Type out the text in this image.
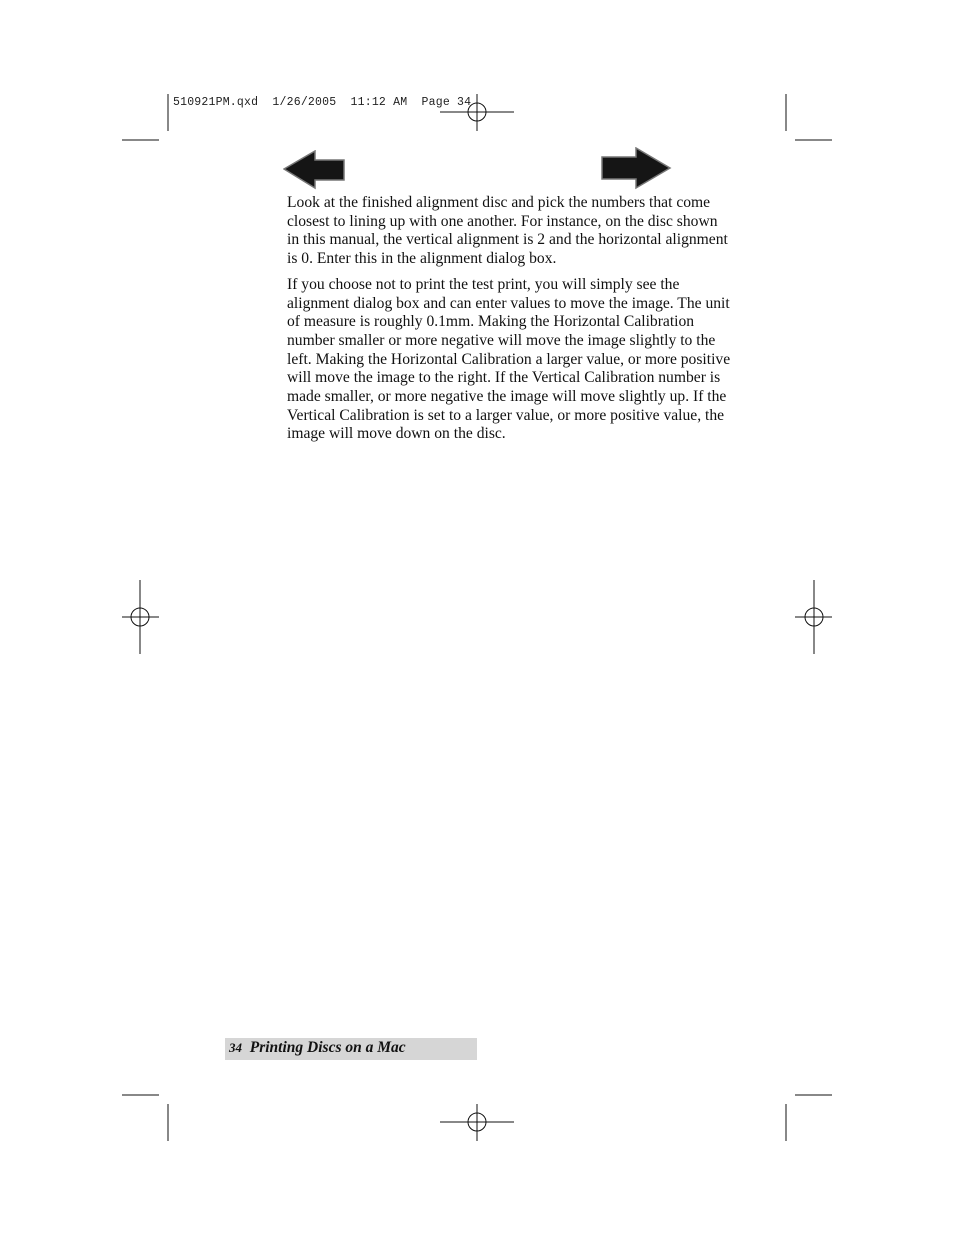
510921PM.qxd  1/26/2005  11:12 AM  Page 34

Look at the finished alignment disc and pick the numbers that come closest to lining up with one another. For instance, on the disc shown in this manual, the vertical alignment is 2 and the horizontal alignment is 0. Enter this in the alignment dialog box.

If you choose not to print the test print, you will simply see the alignment dialog box and can enter values to move the image. The unit of measure is roughly 0.1mm. Making the Horizontal Calibration number smaller or more negative will move the image slightly to the left. Making the Horizontal Calibration a larger value, or more positive will move the image to the right. If the Vertical Calibration number is made smaller, or more negative the image will move slightly up. If the Vertical Calibration is set to a larger value, or more positive value, the image will move down on the disc.

34 Printing Discs on a Mac
